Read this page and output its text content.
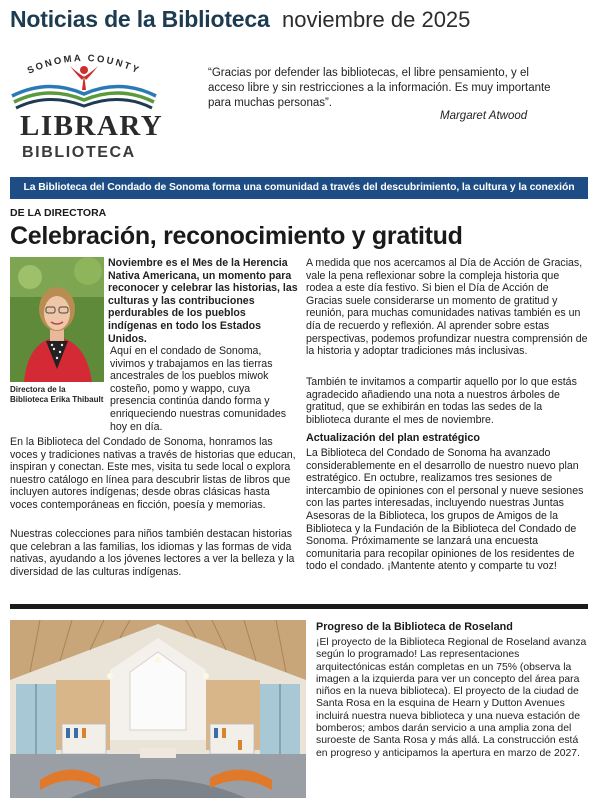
Noticias de la Biblioteca noviembre de 2025
SONOMA COUNTY
LIBRARY
BIBLIOTECA
“Gracias por defender las bibliotecas, el libre pensamiento, y el acceso libre y sin restricciones a la información. Es muy importante para muchas personas”.
Margaret Atwood
La Biblioteca del Condado de Sonoma forma una comunidad a través del descubrimiento, la cultura y la conexión
DE LA DIRECTORA
Celebración, reconocimiento y gratitud
Directora de la Biblioteca Erika Thibault
Noviembre es el Mes de la Herencia Nativa Americana, un momento para reconocer y celebrar las historias, las culturas y las contribuciones perdurables de los pueblos indígenas en todo los Estados Unidos.
Aquí en el condado de Sonoma, vivimos y trabajamos en las tierras ancestrales de los pueblos miwok costeño, pomo y wappo, cuya presencia continúa dando forma y enriqueciendo nuestras comunidades hoy en día.
En la Biblioteca del Condado de Sonoma, honramos las voces y tradiciones nativas a través de historias que educan, inspiran y conectan. Este mes, visita tu sede local o explora nuestro catálogo en línea para descubrir listas de libros que incluyen autores indígenas; desde obras clásicas hasta voces contemporáneas en ficción, poesía y memorias.
Nuestras colecciones para niños también destacan historias que celebran a las familias, los idiomas y las formas de vida nativas, ayudando a los jóvenes lectores a ver la belleza y la diversidad de las culturas indígenas.
A medida que nos acercamos al Día de Acción de Gracias, vale la pena reflexionar sobre la compleja historia que rodea a este día festivo. Si bien el Día de Acción de Gracias suele considerarse un momento de gratitud y reunión, para muchas comunidades nativas también es un día de recuerdo y reflexión. Al aprender sobre estas perspectivas, podemos profundizar nuestra comprensión de la historia y adoptar tradiciones más inclusivas.
También te invitamos a compartir aquello por lo que estás agradecido añadiendo una nota a nuestros árboles de gratitud, que se exhibirán en todas las sedes de la biblioteca durante el mes de noviembre.
Actualización del plan estratégico
La Biblioteca del Condado de Sonoma ha avanzado considerablemente en el desarrollo de nuestro nuevo plan estratégico. En octubre, realizamos tres sesiones de intercambio de opiniones con el personal y nueve sesiones con las partes interesadas, incluyendo nuestras Juntas Asesoras de la Biblioteca, los grupos de Amigos de la Biblioteca y la Fundación de la Biblioteca del Condado de Sonoma. Próximamente se lanzará una encuesta comunitaria para recopilar opiniones de los residentes de todo el condado. ¡Mantente atento y comparte tu voz!
Progreso de la Biblioteca de Roseland
¡El proyecto de la Biblioteca Regional de Roseland avanza según lo programado! Las representaciones arquitectónicas están completas en un 75% (observa la imagen a la izquierda para ver un concepto del área para niños en la nueva biblioteca). El proyecto de la ciudad de Santa Rosa en la esquina de Hearn y Dutton Avenues incluirá nuestra nueva biblioteca y una nueva estación de bomberos; ambos darán servicio a una amplia zona del suroeste de Santa Rosa y más allá. La construcción está en progreso y anticipamos la apertura en marzo de 2027.
